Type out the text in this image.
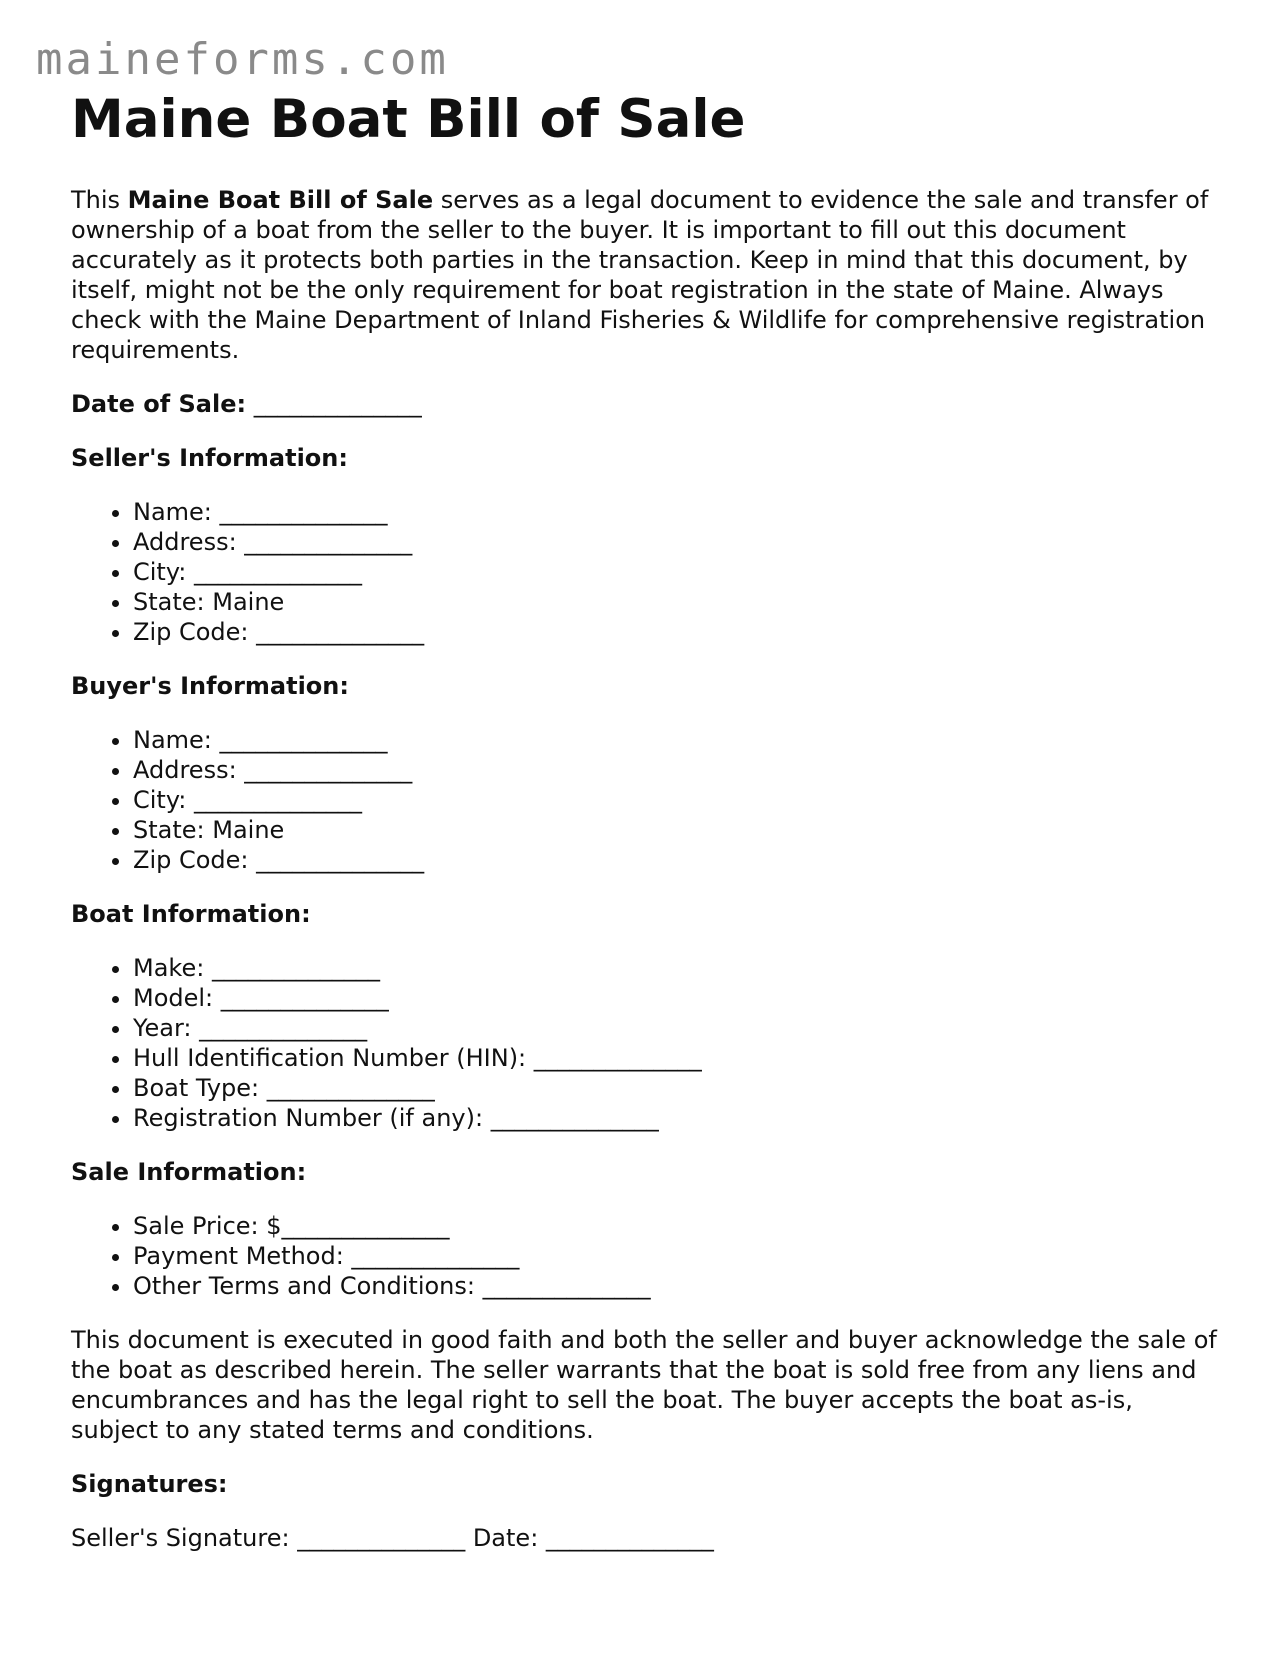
maineforms.com
Maine Boat Bill of Sale

This Maine Boat Bill of Sale serves as a legal document to evidence the sale and transfer of ownership of a boat from the seller to the buyer. It is important to fill out this document accurately as it protects both parties in the transaction. Keep in mind that this document, by itself, might not be the only requirement for boat registration in the state of Maine. Always check with the Maine Department of Inland Fisheries & Wildlife for comprehensive registration requirements.

Date of Sale: ______________
Seller's Information:
• Name: ______________
• Address: ______________
• City: ______________
• State: Maine
• Zip Code: ______________
Buyer's Information:
• Name: ______________
• Address: ______________
• City: ______________
• State: Maine
• Zip Code: ______________
Boat Information:
• Make: ______________
• Model: ______________
• Year: ______________
• Hull Identification Number (HIN): ______________
• Boat Type: ______________
• Registration Number (if any): ______________
Sale Information:
• Sale Price: $______________
• Payment Method: ______________
• Other Terms and Conditions: ______________

This document is executed in good faith and both the seller and buyer acknowledge the sale of the boat as described herein. The seller warrants that the boat is sold free from any liens and encumbrances and has the legal right to sell the boat. The buyer accepts the boat as-is, subject to any stated terms and conditions.

Signatures:
Seller's Signature: ______________ Date: ______________
